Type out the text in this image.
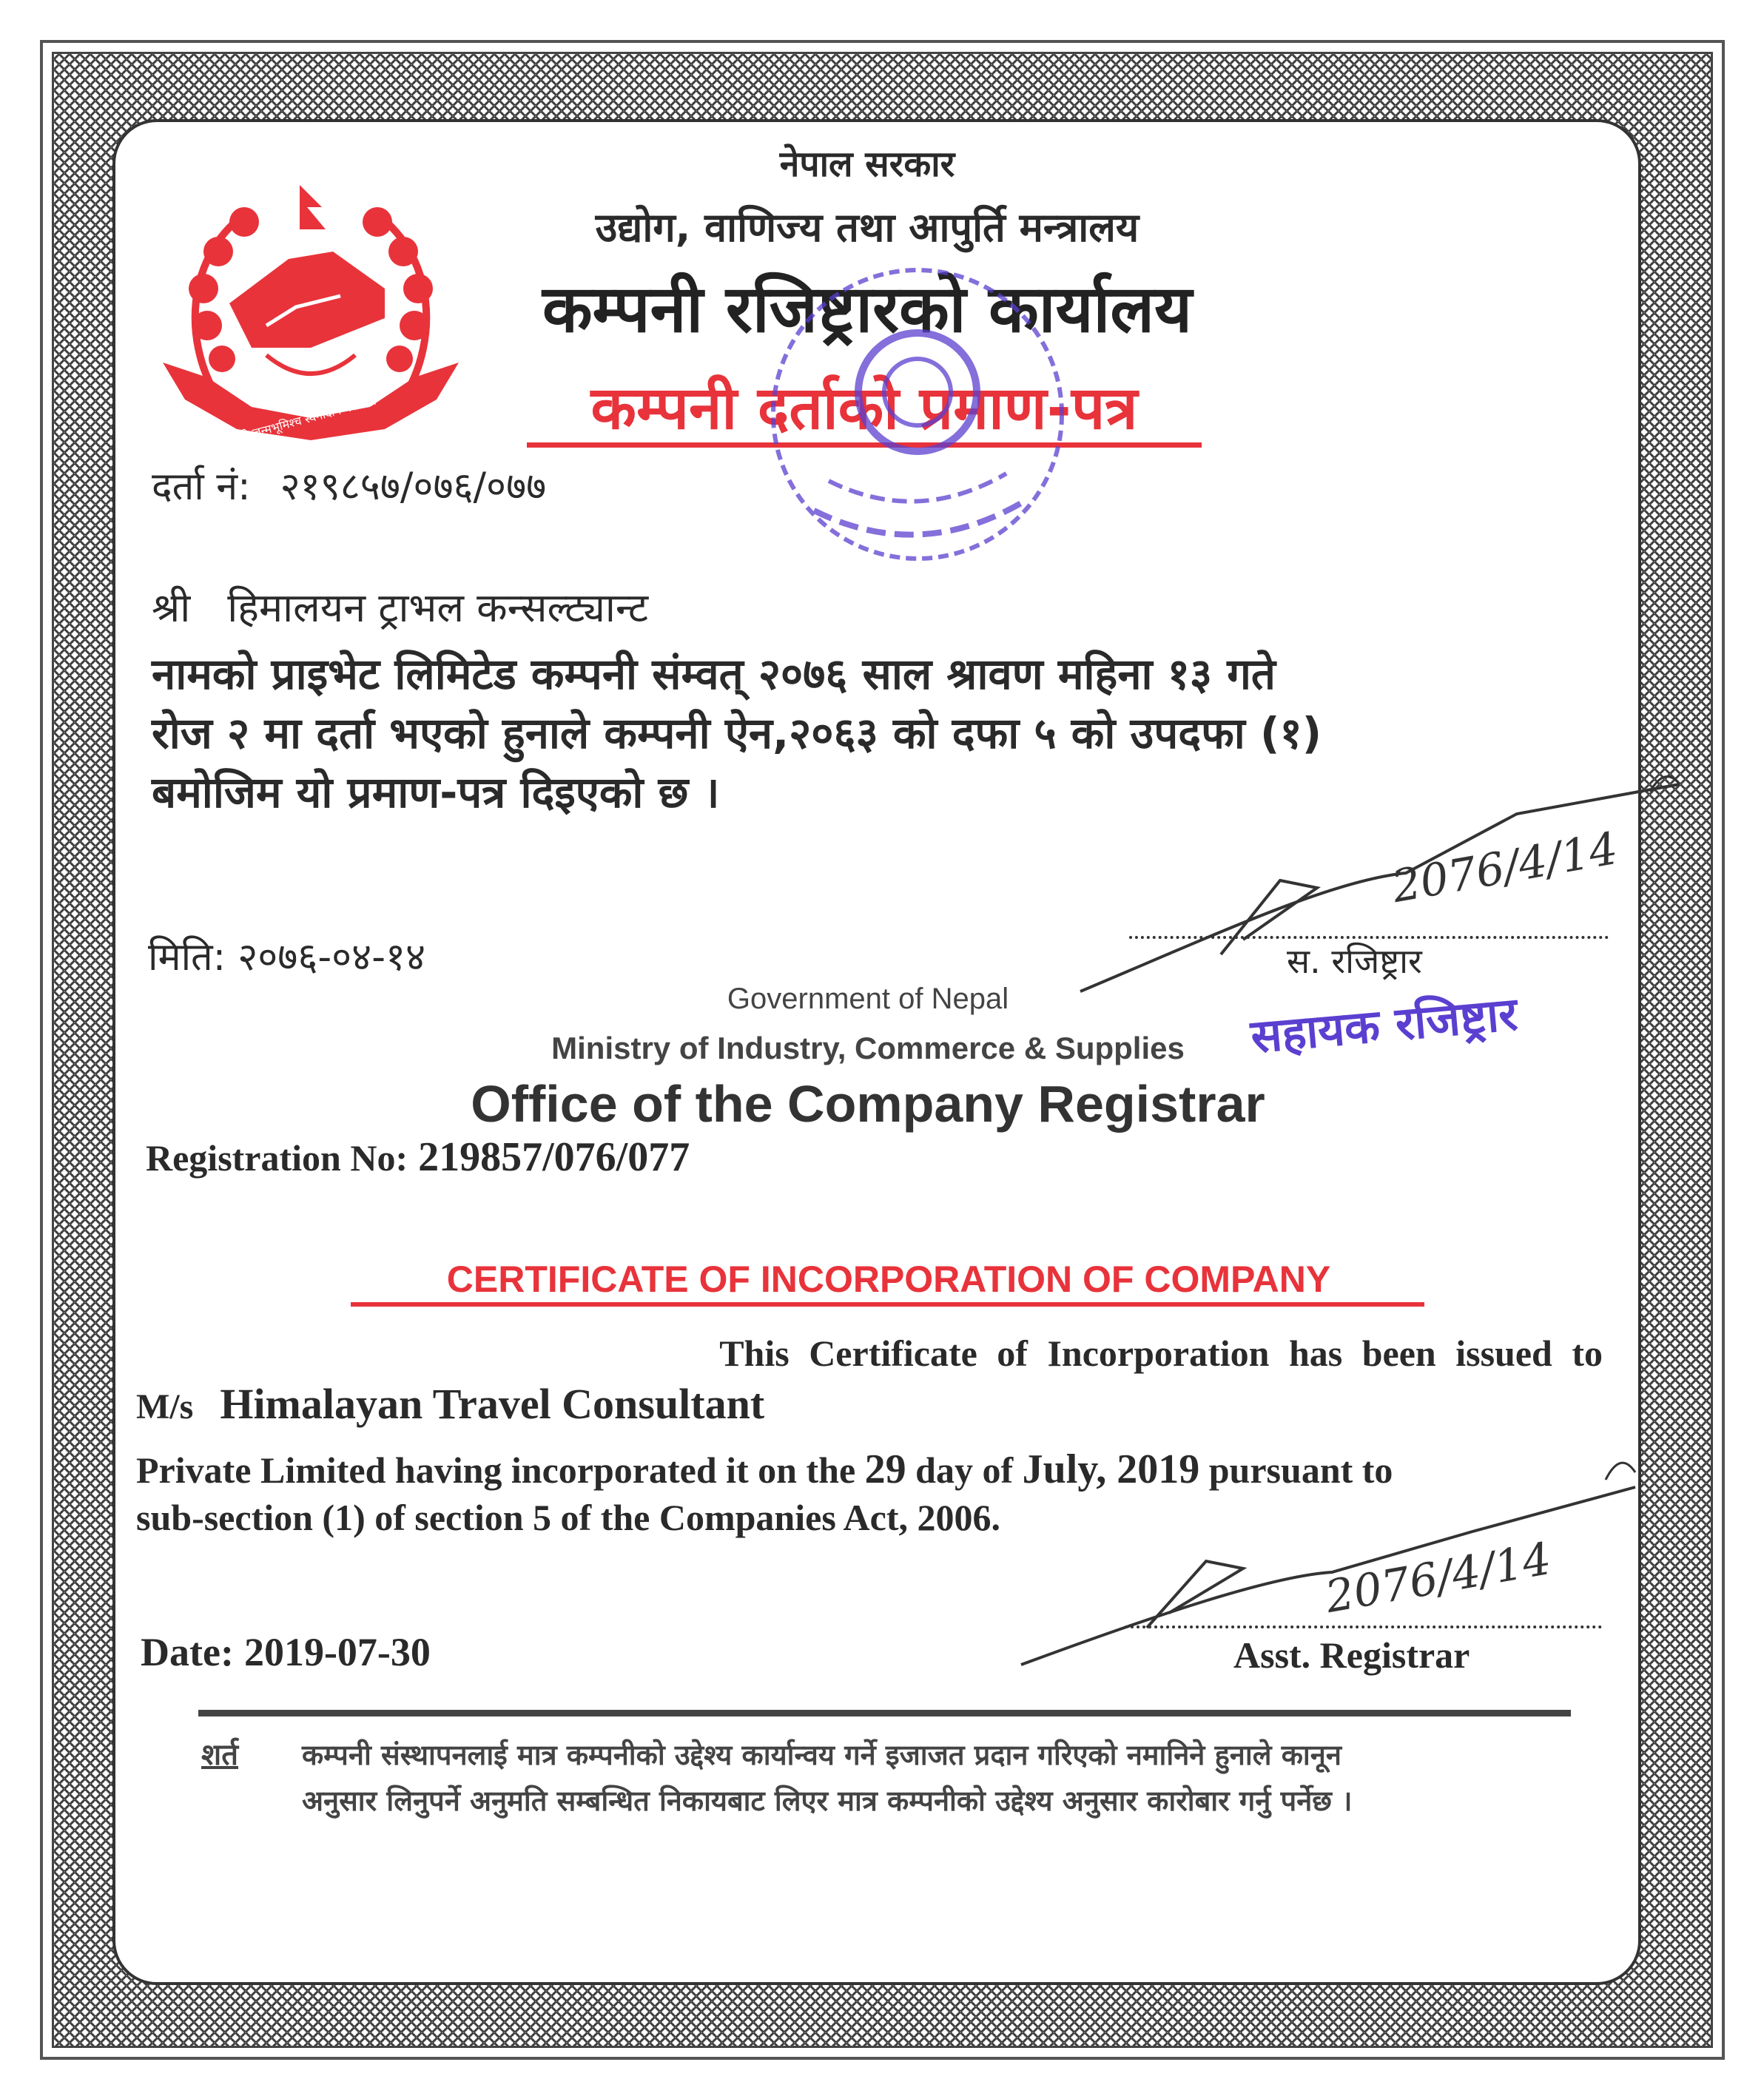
जननी जन्मभूमिश्च स्वर्गादपि गरीयसी
नेपाल सरकार
उद्योग, वाणिज्य तथा आपुर्ति मन्त्रालय
कम्पनी रजिष्ट्रारको कार्यालय
कम्पनी दर्ताको प्रमाण-पत्र
दर्ता नं: २१९८५७/०७६/०७७
श्री हिमालयन ट्राभल कन्सल्ट्यान्ट
नामको प्राइभेट लिमिटेड कम्पनी संम्वत् २०७६ साल श्रावण महिना १३ गते
रोज २ मा दर्ता भएको हुनाले कम्पनी ऐन,२०६३ को दफा ५ को उपदफा (१)
बमोजिम यो प्रमाण-पत्र दिइएको छ ।
मिति: २०७६-०४-१४
2076/4/14
स. रजिष्ट्रार
सहायक रजिष्ट्रार
Government of Nepal
Ministry of Industry, Commerce & Supplies
Office of the Company Registrar
Registration No: 219857/076/077
CERTIFICATE OF INCORPORATION OF COMPANY
This Certificate of Incorporation has been issued to
M/s Himalayan Travel Consultant
Private Limited having incorporated it on the 29 day of July, 2019 pursuant to
sub-section (1) of section 5 of the Companies Act, 2006.
2076/4/14
Date: 2019-07-30	Asst. Registrar
शर्त कम्पनी संस्थापनलाई मात्र कम्पनीको उद्देश्य कार्यान्वय गर्ने इजाजत प्रदान गरिएको नमानिने हुनाले कानून
अनुसार लिनुपर्ने अनुमति सम्बन्धित निकायबाट लिएर मात्र कम्पनीको उद्देश्य अनुसार कारोबार गर्नु पर्नेछ ।
